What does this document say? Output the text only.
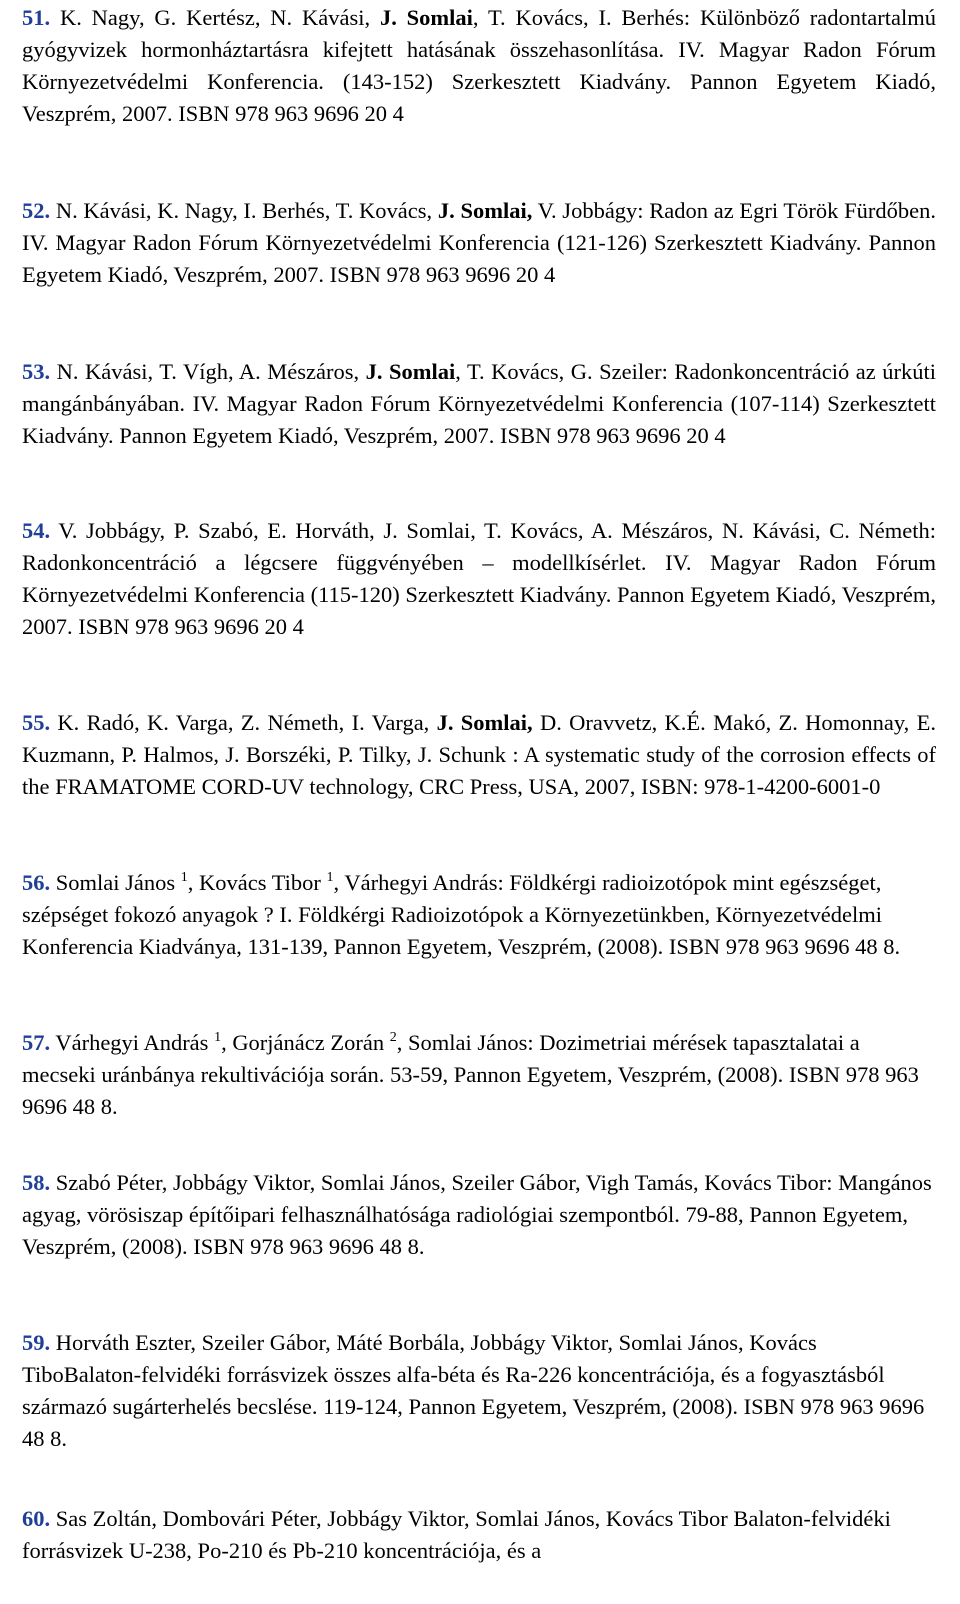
51. K. Nagy, G. Kertész, N. Kávási, J. Somlai, T. Kovács, I. Berhés: Különböző radontartalmú gyógyvizek hormonháztartásra kifejtett hatásának összehasonlítása. IV. Magyar Radon Fórum Környezetvédelmi Konferencia. (143-152) Szerkesztett Kiadvány. Pannon Egyetem Kiadó, Veszprém, 2007. ISBN 978 963 9696 20 4

52. N. Kávási, K. Nagy, I. Berhés, T. Kovács, J. Somlai, V. Jobbágy: Radon az Egri Török Fürdőben. IV. Magyar Radon Fórum Környezetvédelmi Konferencia (121-126) Szerkesztett Kiadvány. Pannon Egyetem Kiadó, Veszprém, 2007. ISBN 978 963 9696 20 4

53. N. Kávási, T. Vígh, A. Mészáros, J. Somlai, T. Kovács, G. Szeiler: Radonkoncentráció az úrkúti mangánbányában. IV. Magyar Radon Fórum Környezetvédelmi Konferencia (107-114) Szerkesztett Kiadvány. Pannon Egyetem Kiadó, Veszprém, 2007. ISBN 978 963 9696 20 4

54. V. Jobbágy, P. Szabó, E. Horváth, J. Somlai, T. Kovács, A. Mészáros, N. Kávási, C. Németh: Radonkoncentráció a légcsere függvényében – modellkísérlet. IV. Magyar Radon Fórum Környezetvédelmi Konferencia (115-120) Szerkesztett Kiadvány. Pannon Egyetem Kiadó, Veszprém, 2007. ISBN 978 963 9696 20 4

55. K. Radó, K. Varga, Z. Németh, I. Varga, J. Somlai, D. Oravvetz, K.É. Makó, Z. Homonnay, E. Kuzmann, P. Halmos, J. Borszéki, P. Tilky, J. Schunk : A systematic study of the corrosion effects of the FRAMATOME CORD-UV technology, CRC Press, USA, 2007, ISBN: 978-1-4200-6001-0

56. Somlai János $^1$, Kovács Tibor $^1$, Várhegyi András: Földkérgi radioizotópok mint egészséget, szépséget fokozó anyagok ? I. Földkérgi Radioizotópok a Környezetünkben, Környezetvédelmi Konferencia Kiadványa, 131-139, Pannon Egyetem, Veszprém, (2008). ISBN 978 963 9696 48 8.

57. Várhegyi András $^1$, Gorjánácz Zorán $^2$, Somlai János: Dozimetriai mérések tapasztalatai a mecseki uránbánya rekultivációja során. 53-59, Pannon Egyetem, Veszprém, (2008). ISBN 978 963 9696 48 8.

58. Szabó Péter, Jobbágy Viktor, Somlai János, Szeiler Gábor, Vigh Tamás, Kovács Tibor: Mangános agyag, vörösiszap építőipari felhasználhatósága radiológiai szempontból. 79-88, Pannon Egyetem, Veszprém, (2008). ISBN 978 963 9696 48 8.

59. Horváth Eszter, Szeiler Gábor, Máté Borbála, Jobbágy Viktor, Somlai János, Kovács TiboBalaton-felvidéki forrásvizek összes alfa-béta és Ra-226 koncentrációja, és a fogyasztásból származó sugárterhelés becslése. 119-124, Pannon Egyetem, Veszprém, (2008). ISBN 978 963 9696 48 8.

60. Sas Zoltán, Dombovári Péter, Jobbágy Viktor, Somlai János, Kovács Tibor Balaton-felvidéki forrásvizek U-238, Po-210 és Pb-210 koncentrációja, és a
